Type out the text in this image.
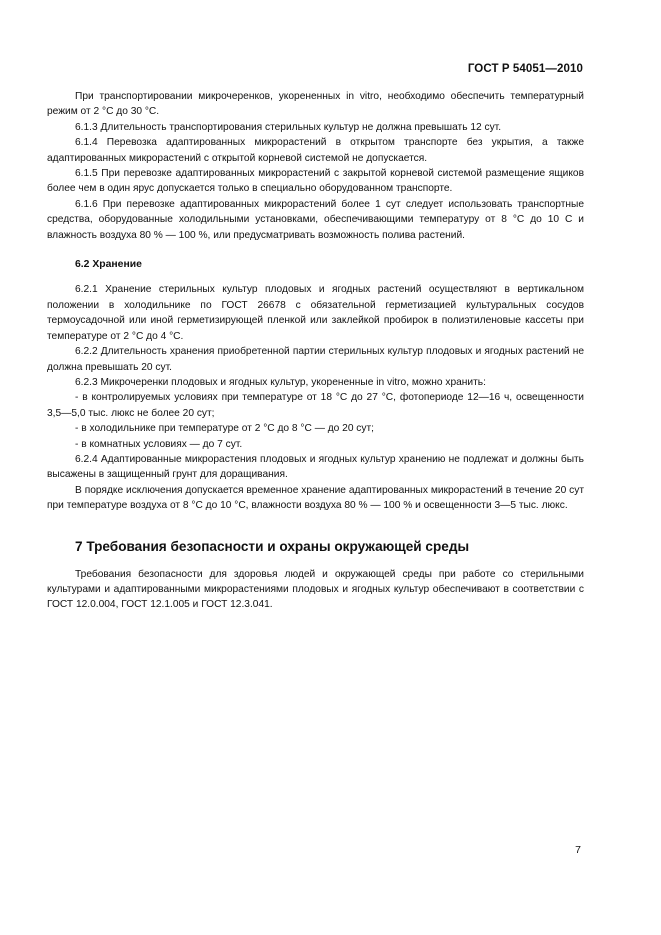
ГОСТ Р 54051—2010

При транспортировании микрочеренков, укорененных in vitro, необходимо обеспечить температурный режим от 2 °С до 30 °С.

6.1.3 Длительность транспортирования стерильных культур не должна превышать 12 сут.

6.1.4 Перевозка адаптированных микрорастений в открытом транспорте без укрытия, а также адаптированных микрорастений с открытой корневой системой не допускается.

6.1.5 При перевозке адаптированных микрорастений с закрытой корневой системой размещение ящиков более чем в один ярус допускается только в специально оборудованном транспорте.

6.1.6 При перевозке адаптированных микрорастений более 1 сут следует использовать транспортные средства, оборудованные холодильными установками, обеспечивающими температуру от 8 °С до 10 С и влажность воздуха 80 % — 100 %, или предусматривать возможность полива растений.

6.2 Хранение

6.2.1 Хранение стерильных культур плодовых и ягодных растений осуществляют в вертикальном положении в холодильнике по ГОСТ 26678 с обязательной герметизацией культуральных сосудов термоусадочной или иной герметизирующей пленкой или заклейкой пробирок в полиэтиленовые кассеты при температуре от 2 °С до 4 °С.

6.2.2 Длительность хранения приобретенной партии стерильных культур плодовых и ягодных растений не должна превышать 20 сут.

6.2.3 Микрочеренки плодовых и ягодных культур, укорененные in vitro, можно хранить:

- в контролируемых условиях при температуре от 18 °С до 27 °С, фотопериоде 12—16 ч, освещенности 3,5—5,0 тыс. люкс не более 20 сут;

- в холодильнике при температуре от 2 °С до 8 °С — до 20 сут;

- в комнатных условиях — до 7 сут.

6.2.4 Адаптированные микрорастения плодовых и ягодных культур хранению не подлежат и должны быть высажены в защищенный грунт для доращивания.

В порядке исключения допускается временное хранение адаптированных микрорастений в течение 20 сут при температуре воздуха от 8 °С до 10 °С, влажности воздуха 80 % — 100 % и освещенности 3—5 тыс. люкс.

7 Требования безопасности и охраны окружающей среды

Требования безопасности для здоровья людей и окружающей среды при работе со стерильными культурами и адаптированными микрорастениями плодовых и ягодных культур обеспечивают в соответствии с ГОСТ 12.0.004, ГОСТ 12.1.005 и ГОСТ 12.3.041.

7
